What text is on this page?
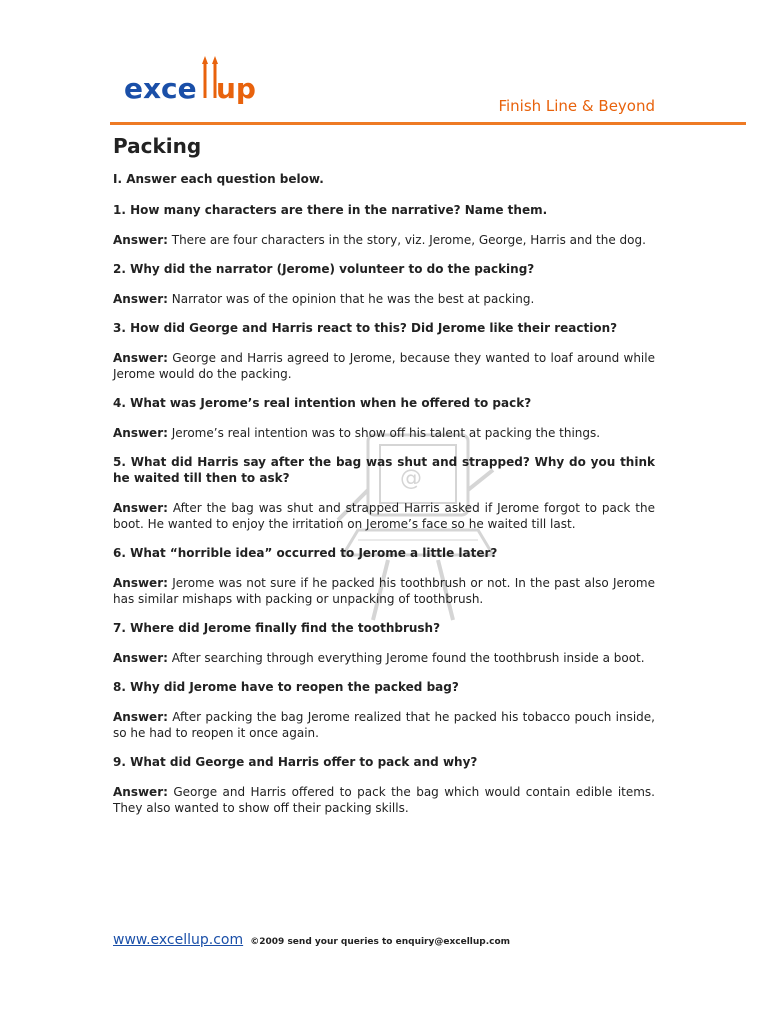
exce up
Finish Line & Beyond
@
Packing
I. Answer each question below.
1. How many characters are there in the narrative? Name them.
Answer: There are four characters in the story, viz. Jerome, George, Harris and the dog.
2. Why did the narrator (Jerome) volunteer to do the packing?
Answer: Narrator was of the opinion that he was the best at packing.
3. How did George and Harris react to this? Did Jerome like their reaction?
Answer: George and Harris agreed to Jerome, because they wanted to loaf around while Jerome would do the packing.
4. What was Jerome’s real intention when he offered to pack?
Answer: Jerome’s real intention was to show off his talent at packing the things.
5. What did Harris say after the bag was shut and strapped? Why do you think he waited till then to ask?
Answer: After the bag was shut and strapped Harris asked if Jerome forgot to pack the boot. He wanted to enjoy the irritation on Jerome’s face so he waited till last.
6. What “horrible idea” occurred to Jerome a little later?
Answer: Jerome was not sure if he packed his toothbrush or not. In the past also Jerome has similar mishaps with packing or unpacking of toothbrush.
7. Where did Jerome finally find the toothbrush?
Answer: After searching through everything Jerome found the toothbrush inside a boot.
8. Why did Jerome have to reopen the packed bag?
Answer: After packing the bag Jerome realized that he packed his tobacco pouch inside, so he had to reopen it once again.
9. What did George and Harris offer to pack and why?
Answer: George and Harris offered to pack the bag which would contain edible items. They also wanted to show off their packing skills.
www.excellup.com ©2009 send your queries to enquiry@excellup.com
